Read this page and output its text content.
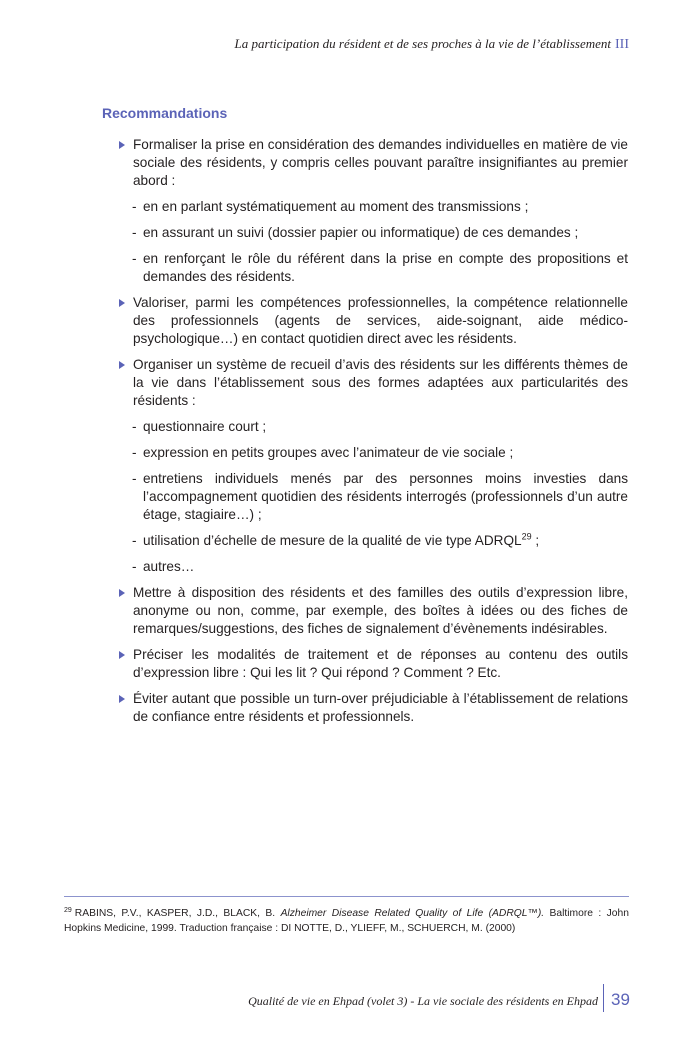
La participation du résident et de ses proches à la vie de l’établissement III
Recommandations
Formaliser la prise en considération des demandes individuelles en matière de vie sociale des résidents, y compris celles pouvant paraître insignifiantes au premier abord :
- en en parlant systématiquement au moment des transmissions ;
- en assurant un suivi (dossier papier ou informatique) de ces demandes ;
- en renforçant le rôle du référent dans la prise en compte des propositions et demandes des résidents.
Valoriser, parmi les compétences professionnelles, la compétence relationnelle des professionnels (agents de services, aide-soignant, aide médico-psychologique…) en contact quotidien direct avec les résidents.
Organiser un système de recueil d’avis des résidents sur les différents thèmes de la vie dans l’établissement sous des formes adaptées aux particularités des résidents :
- questionnaire court ;
- expression en petits groupes avec l’animateur de vie sociale ;
- entretiens individuels menés par des personnes moins investies dans l’accompagnement quotidien des résidents interrogés (professionnels d’un autre étage, stagiaire…) ;
- utilisation d’échelle de mesure de la qualité de vie type ADRQL$^{29}$ ;
- autres…
Mettre à disposition des résidents et des familles des outils d’expression libre, anonyme ou non, comme, par exemple, des boîtes à idées ou des fiches de remarques/suggestions, des fiches de signalement d’évènements indésirables.
Préciser les modalités de traitement et de réponses au contenu des outils d’expression libre : Qui les lit ? Qui répond ? Comment ? Etc.
Éviter autant que possible un turn-over préjudiciable à l’établissement de relations de confiance entre résidents et professionnels.
$^{29}$ RABINS, P.V., KASPER, J.D., BLACK, B. Alzheimer Disease Related Quality of Life (ADRQL™). Baltimore : John Hopkins Medicine, 1999. Traduction française : DI NOTTE, D., YLIEFF, M., SCHUERCH, M. (2000)
Qualité de vie en Ehpad (volet 3) - La vie sociale des résidents en Ehpad 39
